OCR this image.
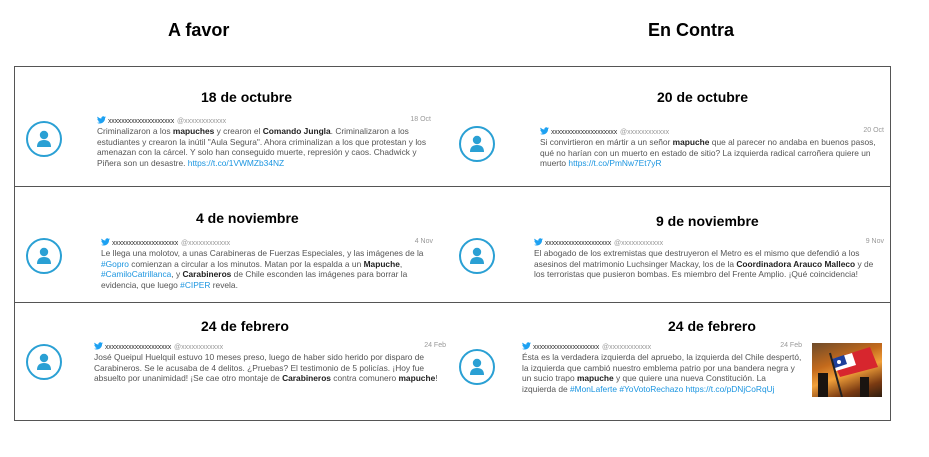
A favor	En Contra
18 de octubre
xxxxxxxxxxxxxxxxxxxx @xxxxxxxxxxxx	18 Oct
Criminalizaron a los mapuches y crearon el Comando Jungla. Criminalizaron a los estudiantes y crearon la inútil "Aula Segura". Ahora criminalizan a los que protestan y los amenazan con la cárcel. Y solo han conseguido muerte, represión y caos. Chadwick y Piñera son un desastre. https://t.co/1VWMZb34NZ
20 de octubre
xxxxxxxxxxxxxxxxxxxx @xxxxxxxxxxxx	20 Oct
Si convirtieron en mártir a un señor mapuche que al parecer no andaba en buenos pasos, qué no harían con un muerto en estado de sitio? La izquierda radical carroñera quiere un muerto https://t.co/PmNw7Et7yR
4 de noviembre
xxxxxxxxxxxxxxxxxxxx @xxxxxxxxxxxx	4 Nov
Le llega una molotov, a unas Carabineras de Fuerzas Especiales, y las imágenes de la #Gopro comienzan a circular a los minutos. Matan por la espalda a un Mapuche, #CamiloCatrillanca, y Carabineros de Chile esconden las imágenes para borrar la evidencia, que luego #CIPER revela.
9 de noviembre
xxxxxxxxxxxxxxxxxxxx @xxxxxxxxxxxx	9 Nov
El abogado de los extremistas que destruyeron el Metro es el mismo que defendió a los asesinos del matrimonio Luchsinger Mackay, los de la Coordinadora Arauco Malleco y de los terroristas que pusieron bombas. Es miembro del Frente Amplio. ¡Qué coincidencia!
24 de febrero
xxxxxxxxxxxxxxxxxxxx @xxxxxxxxxxxx	24 Feb
José Queipul Huelquil estuvo 10 meses preso, luego de haber sido herido por disparo de Carabineros. Se le acusaba de 4 delitos. ¿Pruebas? El testimonio de 5 policías. ¡Hoy fue absuelto por unanimidad! ¡Se cae otro montaje de Carabineros contra comunero mapuche!
24 de febrero
xxxxxxxxxxxxxxxxxxxx @xxxxxxxxxxxx	24 Feb
Ésta es la verdadera izquierda del apruebo, la izquierda del Chile despertó, la izquierda que cambió nuestro emblema patrio por una bandera negra y un sucio trapo mapuche y que quiere una nueva Constitución. La izquierda de #MonLaferte #YoVotoRechazo https://t.co/pDNjCoRqUj
